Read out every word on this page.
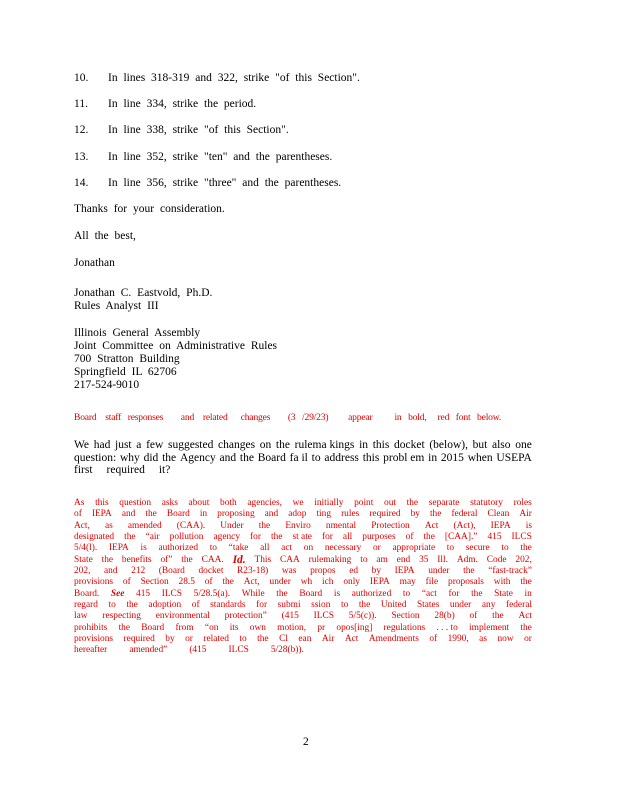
10. In lines 318-319 and 322, strike "of this Section".
11. In line 334, strike the period.
12. In line 338, strike "of this Section".
13. In line 352, strike "ten" and the parentheses.
14. In line 356, strike "three" and the parentheses.
Thanks for your consideration.
All the best,
Jonathan
Jonathan C. Eastvold, Ph.D.
Rules Analyst III
Illinois General Assembly
Joint Committee on Administrative Rules
700 Stratton Building
Springfield IL 62706
217-524-9010
Board    staff   responses        and    related      changes        (3   /29/23)         appear          in   bold,     red   font   below.
We had just a few suggested changes on the rulema kings in this docket (below), but also one
question: why did the Agency and the Board fa il to address this probl em in 2015 when USEPA
first required it?
As this question asks about both agencies, we initially point out the separate statutory roles
of IEPA and the Board in proposing and adop ting rules required by the federal Clean Air
Act, as amended (CAA). Under the Enviro nmental Protection Act (Act), IEPA is
designated the “air pollution agency for the st ate for all purposes of the [CAA].” 415 ILCS
5/4(l). IEPA is authorized to “take all act on necessary or appropriate to secure to the
State the benefits of” the CAA. Id. This CAA rulemaking to am end 35 Ill. Adm. Code 202,
202, and 212 (Board docket R23-18) was propos ed by IEPA under the “fast-track”
provisions of Section 28.5 of the Act, under wh ich only IEPA may file proposals with the
Board. See 415 ILCS 5/28.5(a). While the Board is authorized to “act for the State in
regard to the adoption of standards for submi ssion to the United States under any federal
law respecting environmental protection” (415 ILCS 5/5(c)). Section 28(b) of the Act
prohibits the Board from “on its own motion, pr opos[ing] regulations . . . to implement the
provisions required by or related to the Cl ean Air Act Amendments of 1990, as now or
hereafter amended” (415 ILCS 5/28(b)).
2
